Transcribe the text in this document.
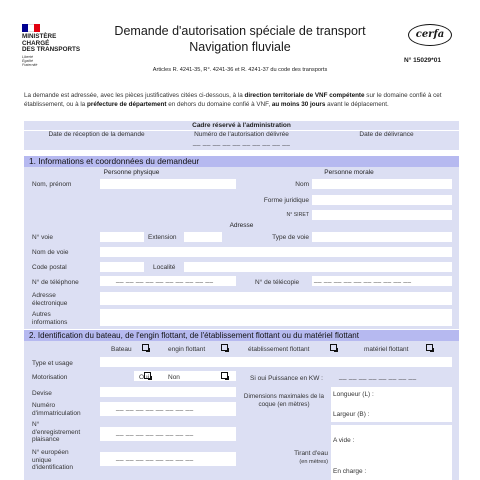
MINISTÈRE
CHARGÉ
DES TRANSPORTS
Liberté
Égalité
Fraternité
Demande d'autorisation spéciale de transport
Navigation fluviale
cerfa
N° 15029*01
Articles R. 4241-35, R°. 4241-36 et R. 4241-37 du code des transports
La demande est adressée, avec les pièces justificatives citées ci-dessous, à la direction territoriale de VNF compétente sur le domaine confié à cet établissement, ou à la préfecture de département en dehors du domaine confié à VNF, au moins 30 jours avant le déplacement.
Cadre réservé à l'administration
Date de réception de la demande	Numéro de l'autorisation délivrée	Date de délivrance
__ __ __ __ __ __ __ __ __ __
1. Informations et coordonnées du demandeur
Personne physique	Personne morale
Nom, prénom	Nom
Forme juridique
N° SIRET
Adresse
N° voie	Extension	Type de voie
Nom de voie
Code postal	Localité
N° de téléphone	__ __ __ __ __ __ __ __ __ __	N° de télécopie __ __ __ __ __ __ __ __ __ __
Adresse
électronique
Autres
informations
2. Identification du bateau, de l'engin flottant, de l'établissement flottant ou du matériel flottant
Bateau	engin flottant	établissement flottant	matériel flottant
Type et usage
Motorisation	Oui	Non	Si oui Puissance en KW : __ __ __ __ __ __ __ __
Devise
Numéro
d'immatriculation
__ __ __ __ __ __ __ __
N°
d'enregistrement
plaisance
__ __ __ __ __ __ __ __
N° européen
unique
d'identification
__ __ __ __ __ __ __ __
Dimensions maximales de la coque (en mètres)
Longueur (L) :
Largeur (B) :
Tirant d'eau
(en mètres)
A vide :
En charge :
